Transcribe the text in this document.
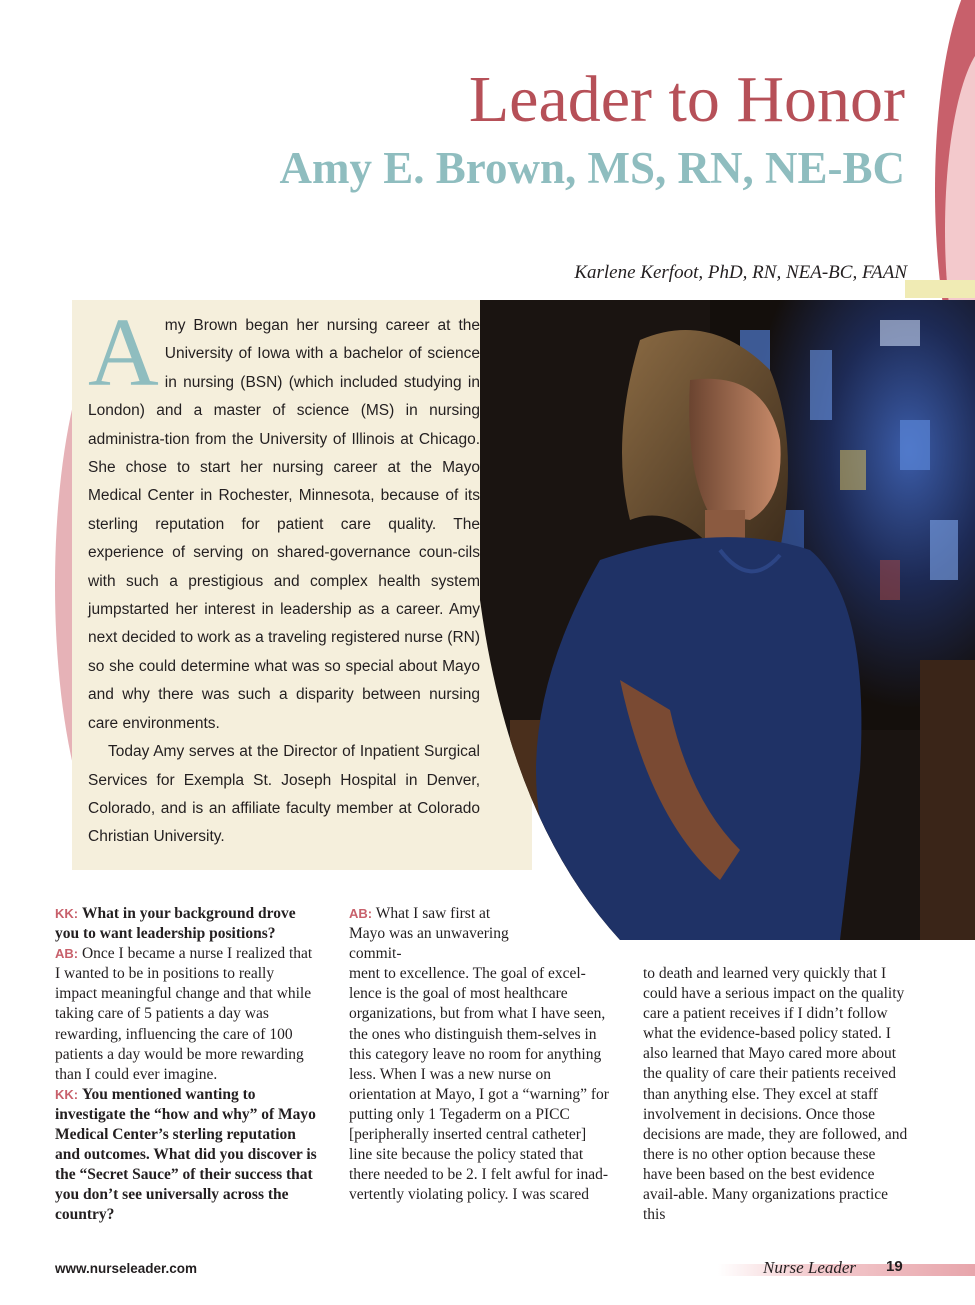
Leader to Honor
Amy E. Brown, MS, RN, NE-BC
Karlene Kerfoot, PhD, RN, NEA-BC, FAAN

Amy Brown began her nursing career at the University of Iowa with a bachelor of science in nursing (BSN) (which included studying in London) and a master of science (MS) in nursing administra-tion from the University of Illinois at Chicago. She chose to start her nursing career at the Mayo Medical Center in Rochester, Minnesota, because of its sterling reputation for patient care quality. The experience of serving on shared-governance coun-cils with such a prestigious and complex health system jumpstarted her interest in leadership as a career. Amy next decided to work as a traveling registered nurse (RN) so she could determine what was so special about Mayo and why there was such a disparity between nursing care environments.

Today Amy serves at the Director of Inpatient Surgical Services for Exempla St. Joseph Hospital in Denver, Colorado, and is an affiliate faculty member at Colorado Christian University.

KK: What in your background drove you to want leadership positions?

AB: Once I became a nurse I realized that I wanted to be in positions to really impact meaningful change and that while taking care of 5 patients a day was rewarding, influencing the care of 100 patients a day would be more rewarding than I could ever imagine.

KK: You mentioned wanting to investigate the “how and why” of Mayo Medical Center’s sterling reputation and outcomes. What did you discover is the “Secret Sauce” of their success that you don’t see universally across the country?

AB: What I saw first at Mayo was an unwavering commit-
ment to excellence. The goal of excel-lence is the goal of most healthcare organizations, but from what I have seen, the ones who distinguish them-selves in this category leave no room for anything less. When I was a new nurse on orientation at Mayo, I got a “warning” for putting only 1 Tegaderm on a PICC [peripherally inserted central catheter] line site because the policy stated that there needed to be 2. I felt awful for inad-vertently violating policy. I was scared

to death and learned very quickly that I could have a serious impact on the quality care a patient receives if I didn’t follow what the evidence-based policy stated. I also learned that Mayo cared more about the quality of care their patients received than anything else. They excel at staff involvement in decisions. Once those decisions are made, they are followed, and there is no other option because these have been based on the best evidence avail-able. Many organizations practice this

www.nurseleader.com	Nurse Leader 19
